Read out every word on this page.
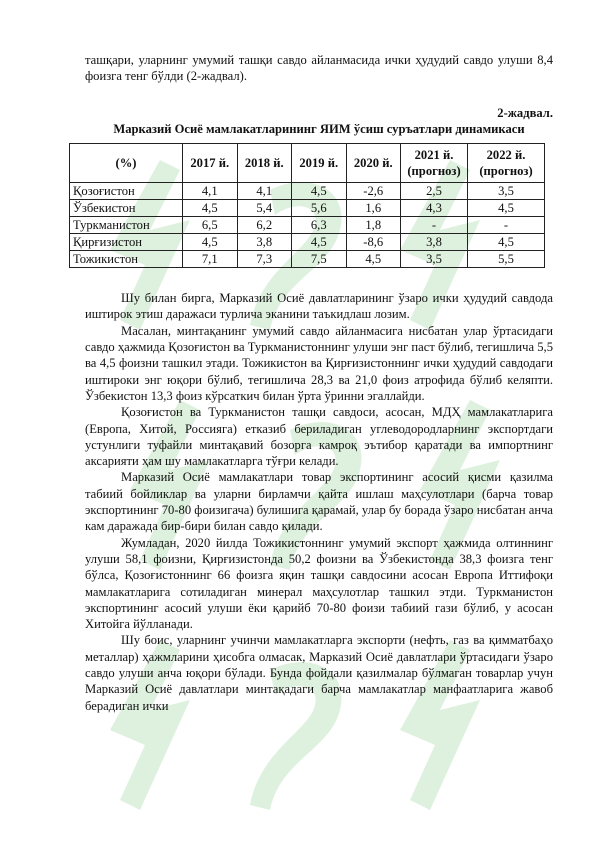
ташқари, уларнинг умумий ташқи савдо айланмасида ички ҳудудий савдо улуши 8,4 фоизга тенг бўлди (2-жадвал).

2-жадвал.

Марказий Осиё мамлакатларининг ЯИМ ўсиш суръатлари динамикаси

(%)	2017 й.	2018 й.	2019 й.	2020 й.	2021 й. (прогноз)	2022 й. (прогноз)
Қозоғистон	4,1	4,1	4,5	-2,6	2,5	3,5
Ўзбекистон	4,5	5,4	5,6	1,6	4,3	4,5
Туркманистон	6,5	6,2	6,3	1,8	-	-
Қирғизистон	4,5	3,8	4,5	-8,6	3,8	4,5
Тожикистон	7,1	7,3	7,5	4,5	3,5	5,5

Шу билан бирга, Марказий Осиё давлатларининг ўзаро ички ҳудудий савдода иштирок этиш даражаси турлича эканини таъкидлаш лозим.

Масалан, минтақанинг умумий савдо айланмасига нисбатан улар ўртасидаги савдо ҳажмида Қозоғистон ва Туркманистоннинг улуши энг паст бўлиб, тегишлича 5,5 ва 4,5 фоизни ташкил этади. Тожикистон ва Қирғизистоннинг ички ҳудудий савдодаги иштироки энг юқори бўлиб, тегишлича 28,3 ва 21,0 фоиз атрофида бўлиб келяпти. Ўзбекистон 13,3 фоиз кўрсаткич билан ўрта ўринни эгаллайди.

Қозоғистон ва Туркманистон ташқи савдоси, асосан, МДҲ мамлакатларига (Европа, Хитой, Россияга) етказиб бериладиган углеводородларнинг экспортдаги устунлиги туфайли минтақавий бозорга камроқ эътибор қаратади ва импортнинг аксарияти ҳам шу мамлакатларга тўғри келади.

Марказий Осиё мамлакатлари товар экспортининг асосий қисми қазилма табиий бойликлар ва уларни бирламчи қайта ишлаш маҳсулотлари (барча товар экспортининг 70-80 фоизигача) булишига қарамай, улар бу борада ўзаро нисбатан анча кам даражада бир-бири билан савдо қилади.

Жумладан, 2020 йилда Тожикистоннинг умумий экспорт ҳажмида олтиннинг улуши 58,1 фоизни, Қирғизистонда 50,2 фоизни ва Ўзбекистонда 38,3 фоизга тенг бўлса, Қозоғистоннинг 66 фоизга яқин ташқи савдосини асосан Европа Иттифоқи мамлакатларига сотиладиган минерал маҳсулотлар ташкил этди. Туркманистон экспортининг асосий улуши ёки қарийб 70-80 фоизи табиий гази бўлиб, у асосан Хитойга йўлланади.

Шу боис, уларнинг учинчи мамлакатларга экспорти (нефть, газ ва қимматбаҳо металлар) ҳажмларини ҳисобга олмасак, Марказий Осиё давлатлари ўртасидаги ўзаро савдо улуши анча юқори бўлади. Бунда фойдали қазилмалар бўлмаган товарлар учун Марказий Осиё давлатлари минтақадаги барча мамлакатлар манфаатларига жавоб берадиган ички
